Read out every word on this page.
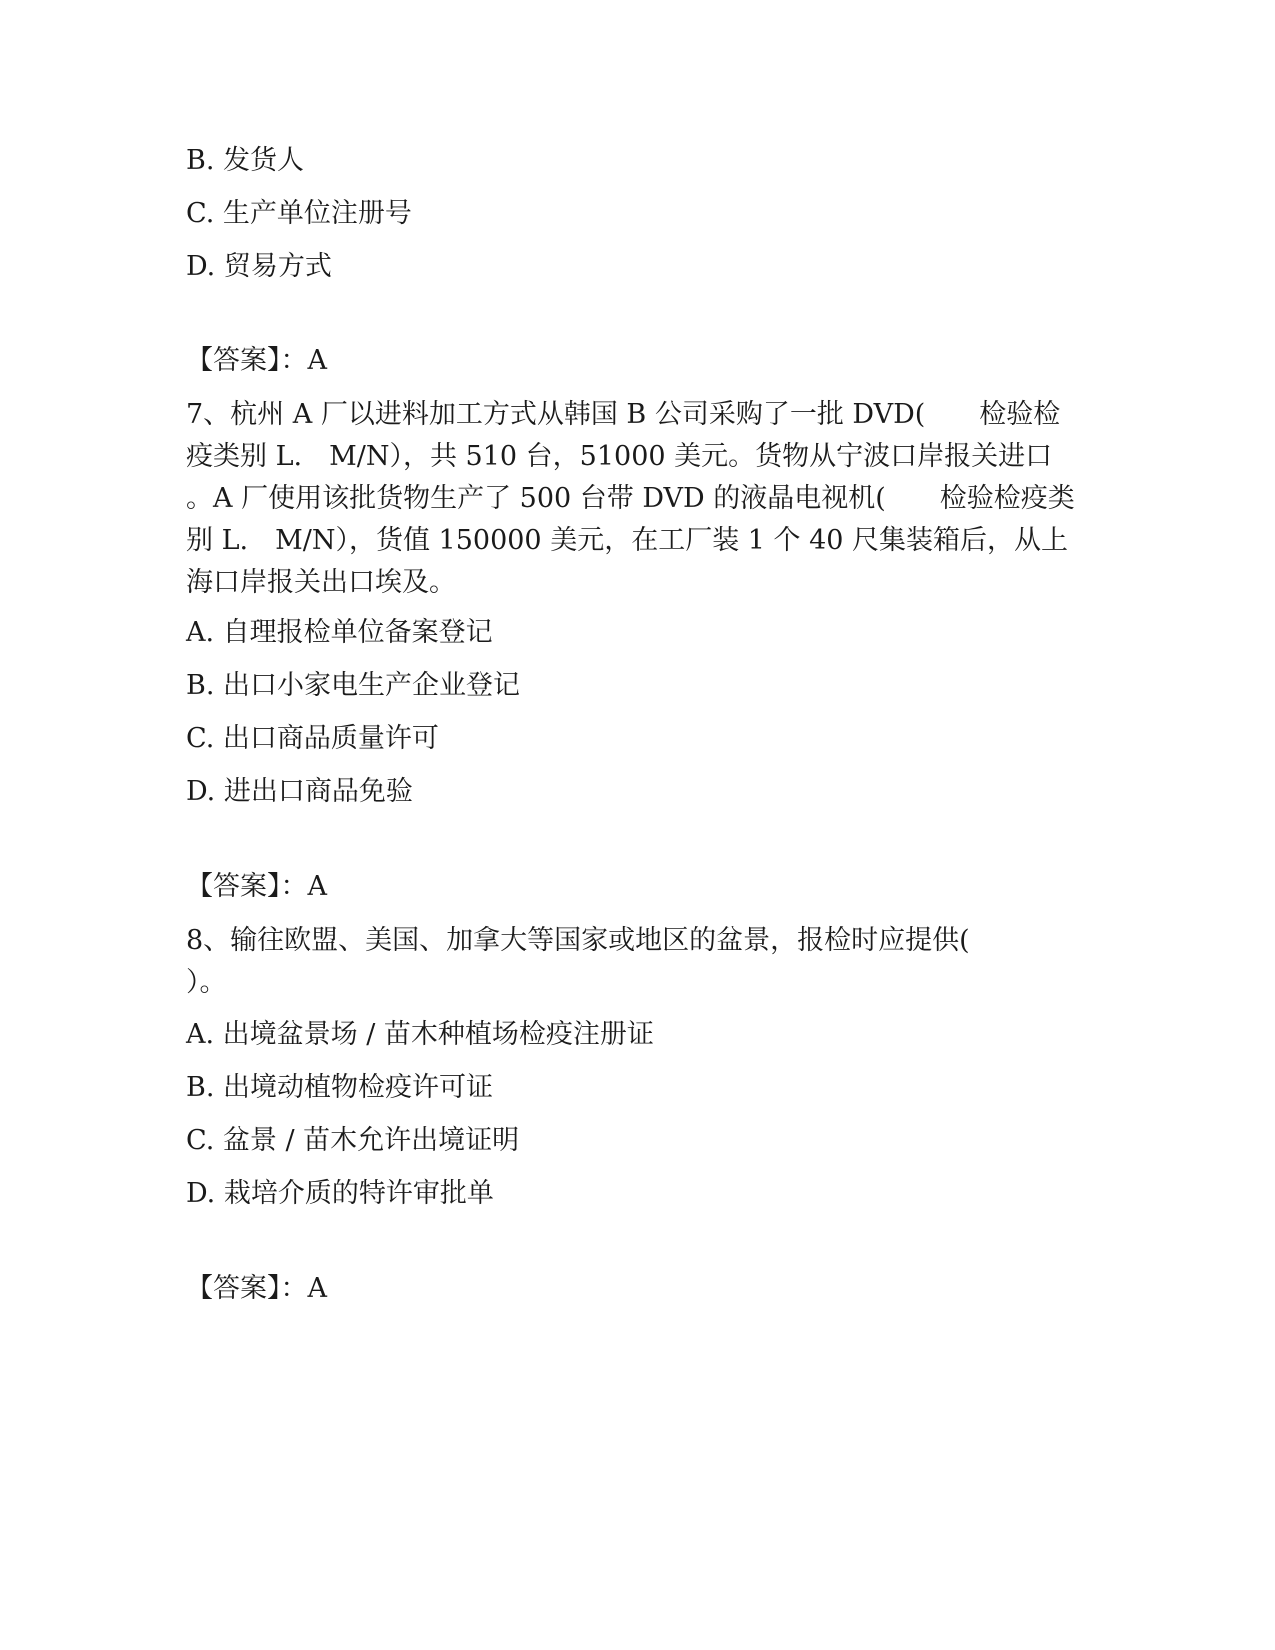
B. 发货人
C. 生产单位注册号
D. 贸易方式
【答案】：A
7、杭州 A 厂以进料加工方式从韩国 B 公司采购了一批 DVD(　　检验检
疫类别 L.　M/N），共 510 台，51000 美元。货物从宁波口岸报关进口
。A 厂使用该批货物生产了 500 台带 DVD 的液晶电视机(　　检验检疫类
别 L.　M/N），货值 150000 美元，在工厂装 1 个 40 尺集装箱后，从上
海口岸报关出口埃及。
A. 自理报检单位备案登记
B. 出口小家电生产企业登记
C. 出口商品质量许可
D. 进出口商品免验
【答案】：A
8、输往欧盟、美国、加拿大等国家或地区的盆景，报检时应提供(
）。
A. 出境盆景场 / 苗木种植场检疫注册证
B. 出境动植物检疫许可证
C. 盆景 / 苗木允许出境证明
D. 栽培介质的特许审批单
【答案】：A
